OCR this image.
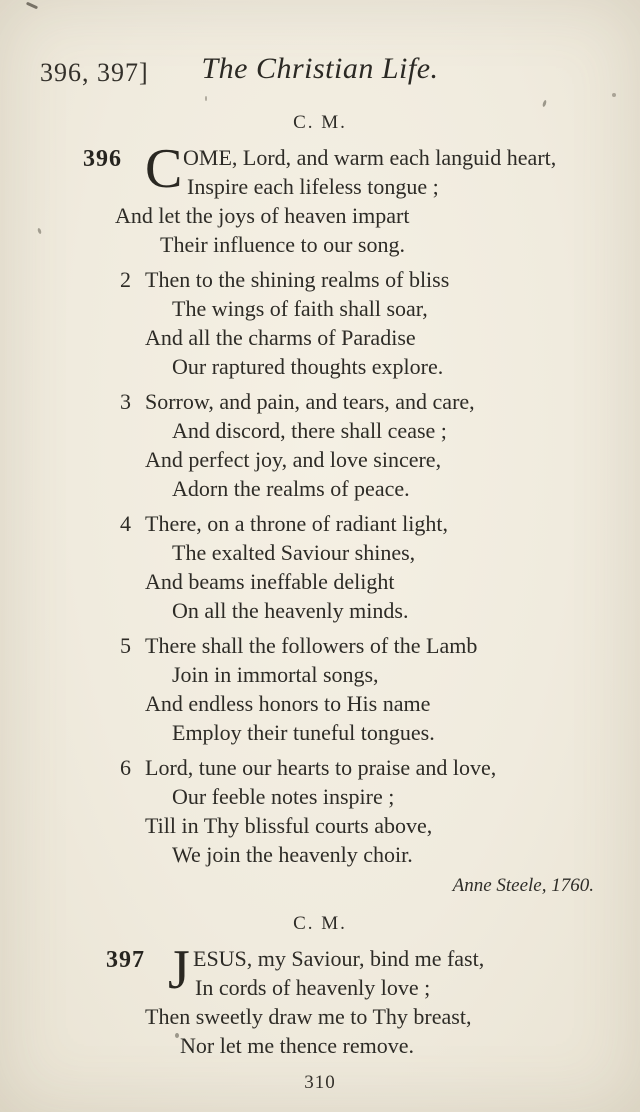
396, 397]	The Christian Life.
C. M.
396 C OME, Lord, and warm each languid heart,
Inspire each lifeless tongue ;
And let the joys of heaven impart
Their influence to our song.
2 Then to the shining realms of bliss
The wings of faith shall soar,
And all the charms of Paradise
Our raptured thoughts explore.
3 Sorrow, and pain, and tears, and care,
And discord, there shall cease ;
And perfect joy, and love sincere,
Adorn the realms of peace.
4 There, on a throne of radiant light,
The exalted Saviour shines,
And beams ineffable delight
On all the heavenly minds.
5 There shall the followers of the Lamb
Join in immortal songs,
And endless honors to His name
Employ their tuneful tongues.
6 Lord, tune our hearts to praise and love,
Our feeble notes inspire ;
Till in Thy blissful courts above,
We join the heavenly choir.
Anne Steele, 1760.
C. M.
397 J ESUS, my Saviour, bind me fast,
In cords of heavenly love ;
Then sweetly draw me to Thy breast,
Nor let me thence remove.
310
